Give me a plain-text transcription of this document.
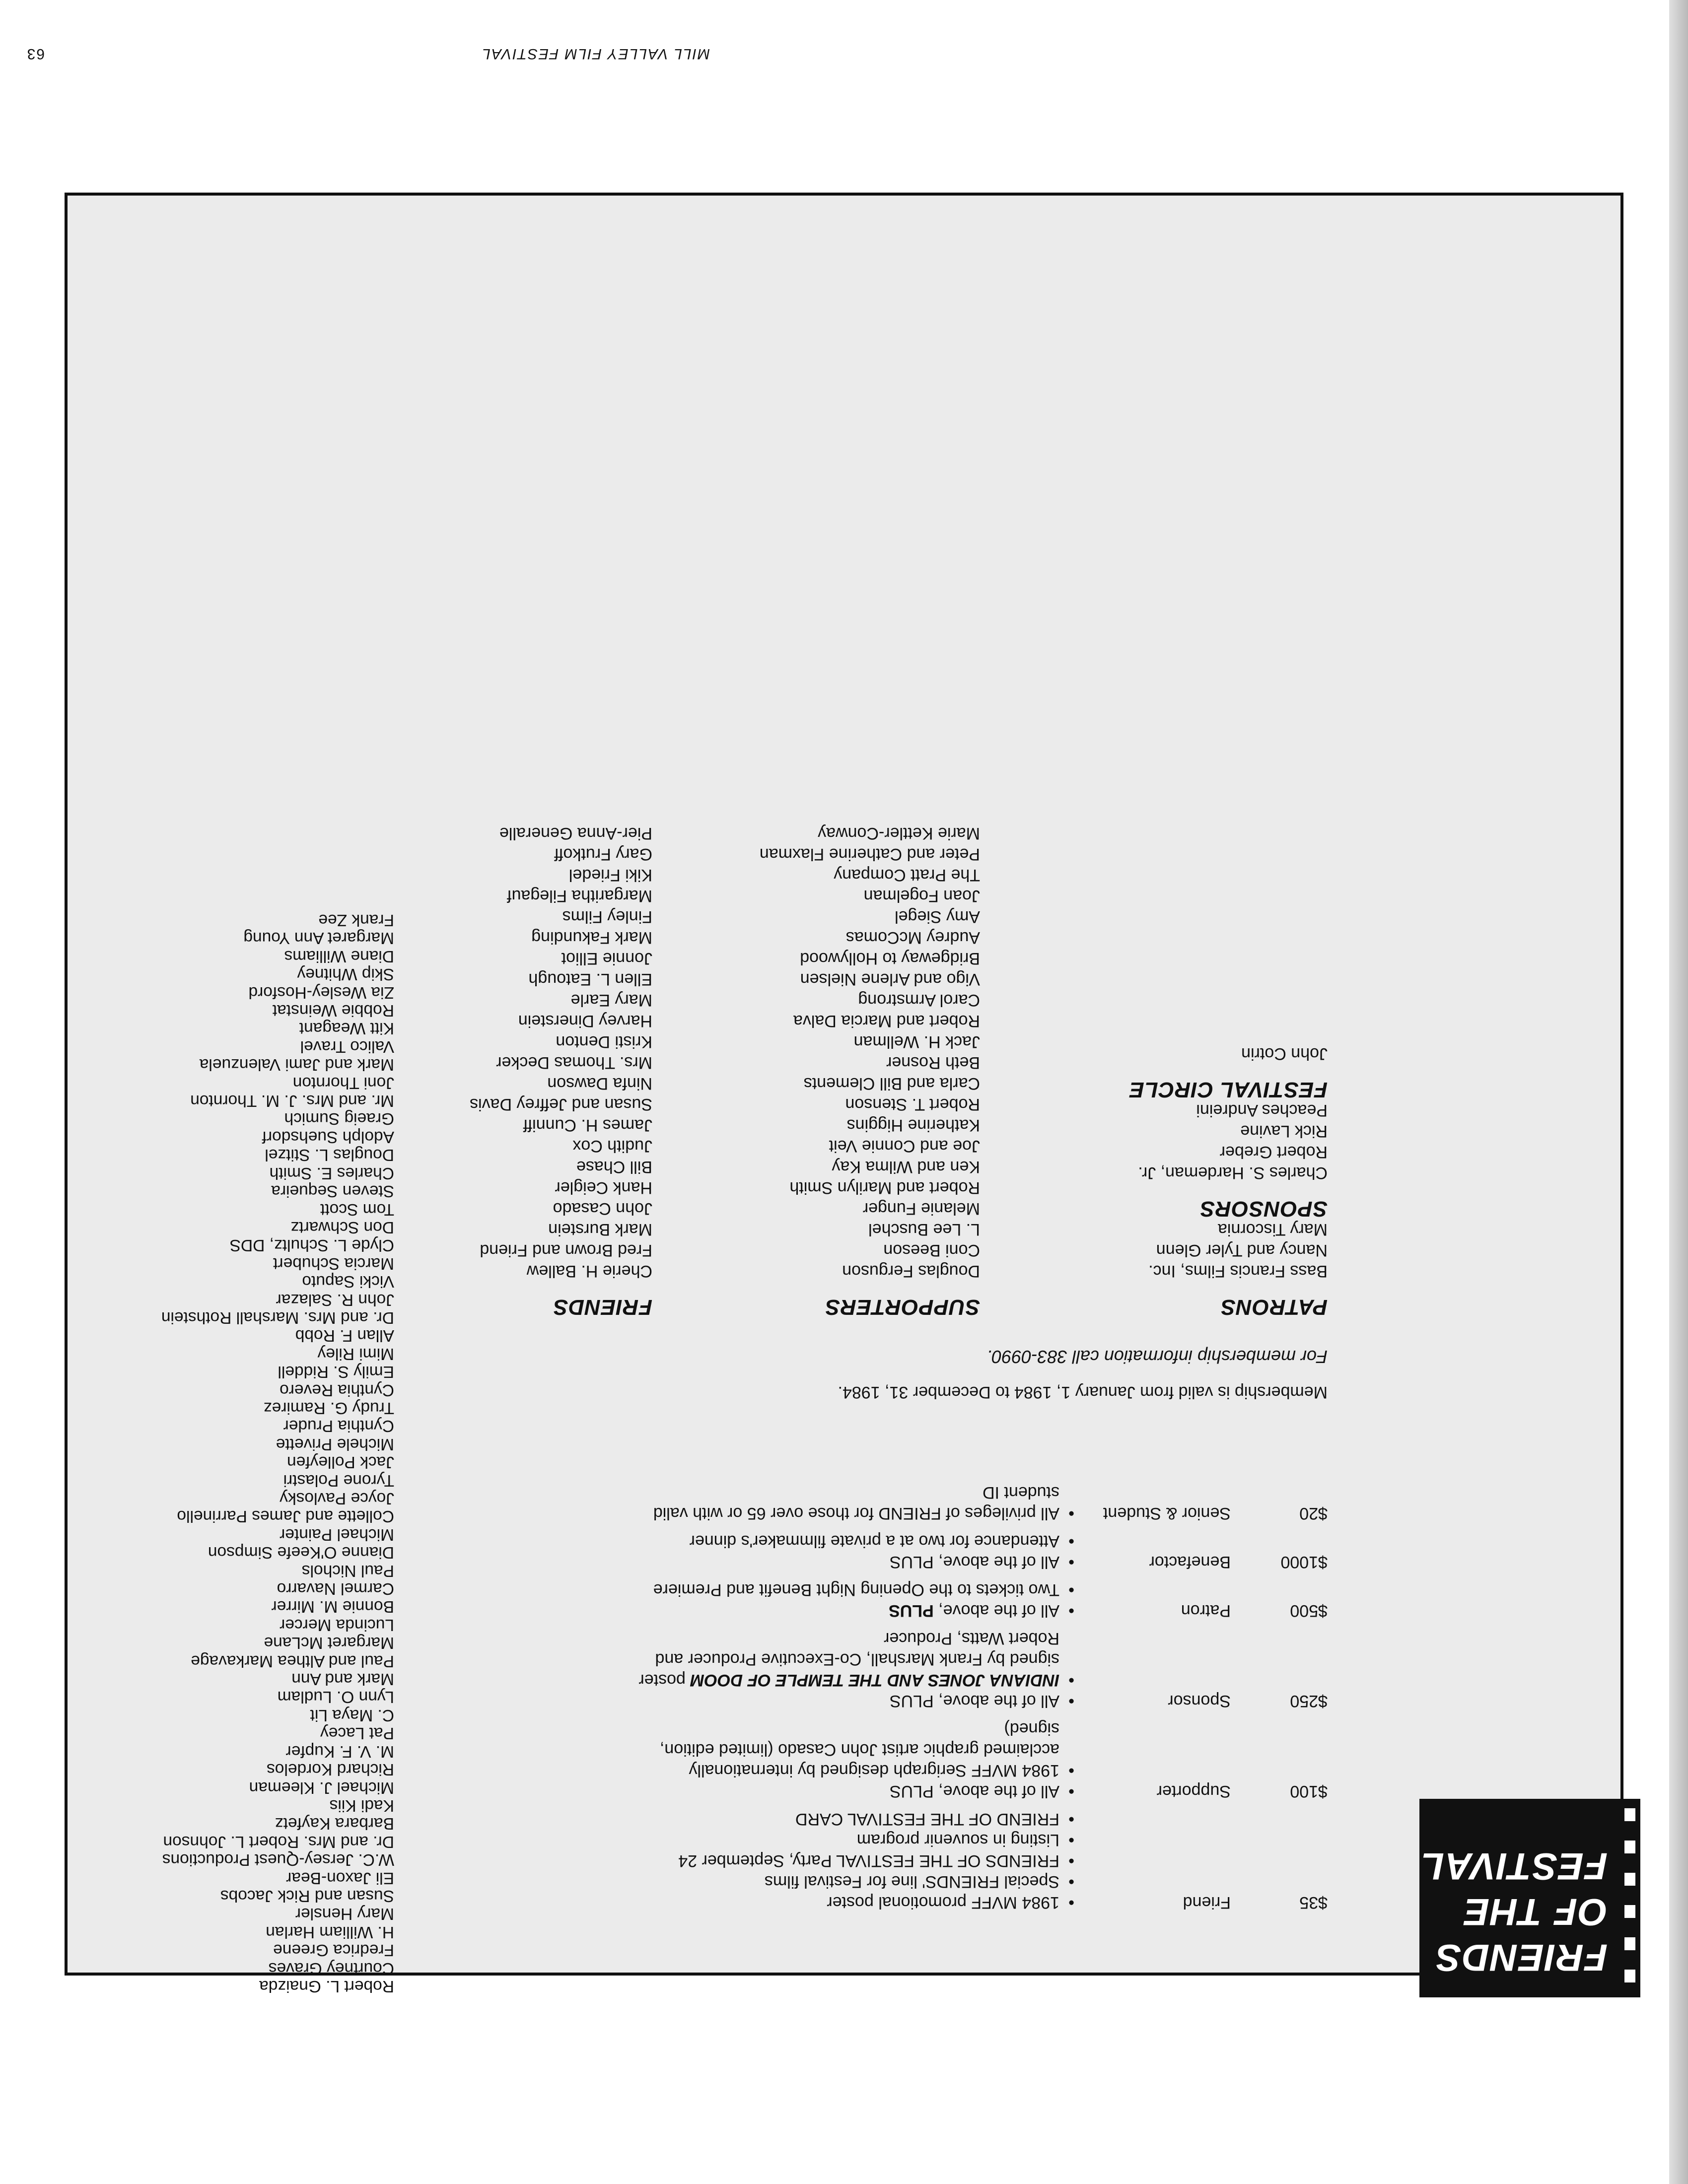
MILL VALLEY FILM FESTIVAL
63
FRIENDS
OF THE
FESTIVAL
$35
Friend
• 1984 MVFF promotional poster
• Special FRIENDS' line for Festival films
• FRIENDS OF THE FESTIVAL Party, September 24
• Listing in souvenir program
• FRIEND OF THE FESTIVAL CARD
$100
Supporter
• All of the above, PLUS
• 1984 MVFF Serigraph designed by internationally acclaimed graphic artist John Casado (limited edition, signed)
$250
Sponsor
• All of the above, PLUS
• INDIANA JONES AND THE TEMPLE OF DOOM poster signed by Frank Marshall, Co-Executive Producer and Robert Watts, Producer
$500
Patron
• All of the above, PLUS
• Two tickets to the Opening Night Benefit and Premiere
$1000
Benefactor
• All of the above, PLUS
• Attendance for two at a private filmmaker's dinner
$20
Senior & Student
• All privileges of FRIEND for those over 65 or with valid student ID
Membership is valid from January 1, 1984 to December 31, 1984.
For membership information call 383-0990.
PATRONS
Bass Francis Films, Inc.
Nancy and Tyler Glenn
Mary Tiscornia
SPONSORS
Charles S. Hardeman, Jr.
Robert Greber
Rick Lavine
Peaches Andreini
FESTIVAL CIRCLE
John Cotrin
SUPPORTERS
Douglas Ferguson
Coni Beeson
L. Lee Buschel
Melanie Funger
Robert and Marilyn Smith
Ken and Wilma Kay
Joe and Connie Veit
Katherine Higgins
Robert T. Stenson
Carla and Bill Clements
Beth Rosner
Jack H. Wellman
Robert and Marcia Dalva
Carol Armstrong
Vigo and Arlene Nielsen
Bridgeway to Hollywood
Audrey McComas
Amy Siegel
Joan Fogelman
The Pratt Company
Peter and Catherine Flaxman
Marie Kettler-Conway
FRIENDS
Cherie H. Ballew
Fred Brown and Friend
Mark Burstein
John Casado
Hank Ceigler
Bill Chase
Judith Cox
James H. Cunniff
Susan and Jeffrey Davis
Ninfa Dawson
Mrs. Thomas Decker
Kristi Denton
Harvey Dinerstein
Mary Earle
Ellen L. Eatough
Jonnie Elliot
Mark Fakunding
Finley Films
Margaritha Filegauf
Kiki Friedel
Gary Frutkoff
Pier-Anna Generalle
Robert L. Gnaizda
Courtney Graves
Fredrica Greene
H. William Harlan
Mary Hensler
Susan and Rick Jacobs
Eli Jaxon-Bear
W.C. Jersey-Quest Productions
Dr. and Mrs. Robert L. Johnson
Barbara Kayfetz
Kadi Kiis
Michael J. Kleeman
Richard Kordelos
M. V. F. Kupfer
Pat Lacey
C. Maya Lit
Lynn O. Ludlam
Mark and Ann
Paul and Althea Markavage
Margaret McLane
Lucinda Mercer
Bonnie M. Mirrer
Carmel Navarro
Paul Nichols
Dianne O'Keefe Simpson
Michael Painter
Collette and James Parrinello
Joyce Pavlosky
Tyrone Polastri
Jack Polleyfen
Michele Privette
Cynthia Pruder
Trudy G. Ramirez
Cynthia Revero
Emily S. Riddell
Mimi Riley
Allan F. Robb
Dr. and Mrs. Marshall Rothstein
John R. Salazar
Vicki Saputo
Marcia Schubert
Clyde L. Schultz, DDS
Don Schwartz
Tom Scott
Steven Sequeira
Charles E. Smith
Douglas L. Stitzel
Adolph Suehsdorf
Graeig Sumich
Mr. and Mrs. J. M. Thornton
Joni Thornton
Mark and Jami Valenzuela
Valico Travel
Kitt Weagant
Robbie Weinstat
Zia Wesley-Hosford
Skip Whitney
Diane Williams
Margaret Ann Young
Frank Zee
